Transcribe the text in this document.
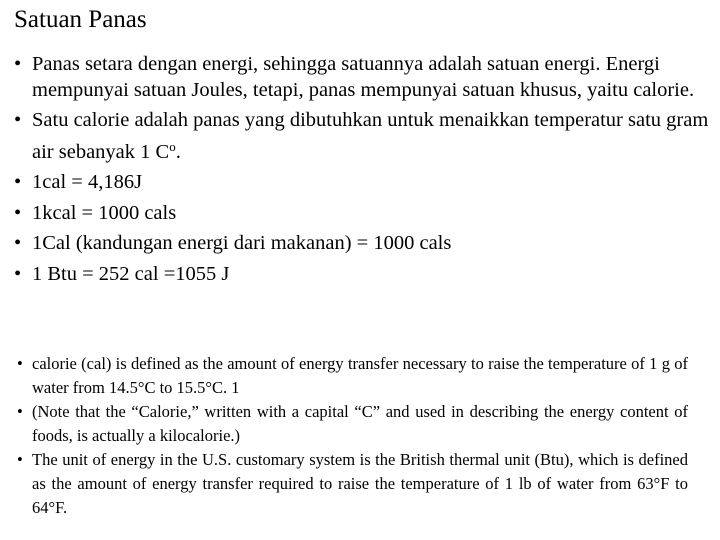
Satuan Panas
• Panas setara dengan energi, sehingga satuannya adalah satuan energi. Energi mempunyai satuan Joules, tetapi, panas mempunyai satuan khusus, yaitu calorie.
• Satu calorie adalah panas yang dibutuhkan untuk menaikkan temperatur satu gram air sebanyak 1 $C^o$.
• 1cal = 4,186J
• 1kcal = 1000 cals
• 1Cal (kandungan energi dari makanan) = 1000 cals
• 1 Btu = 252 cal =1055 J
• calorie (cal) is defined as the amount of energy transfer necessary to raise the temperature of 1 g of water from 14.5°C to 15.5°C. 1
• (Note that the “Calorie,” written with a capital “C” and used in describing the energy content of foods, is actually a kilocalorie.)
• The unit of energy in the U.S. customary system is the British thermal unit (Btu), which is defined as the amount of energy transfer required to raise the temperature of 1 lb of water from 63°F to 64°F.
